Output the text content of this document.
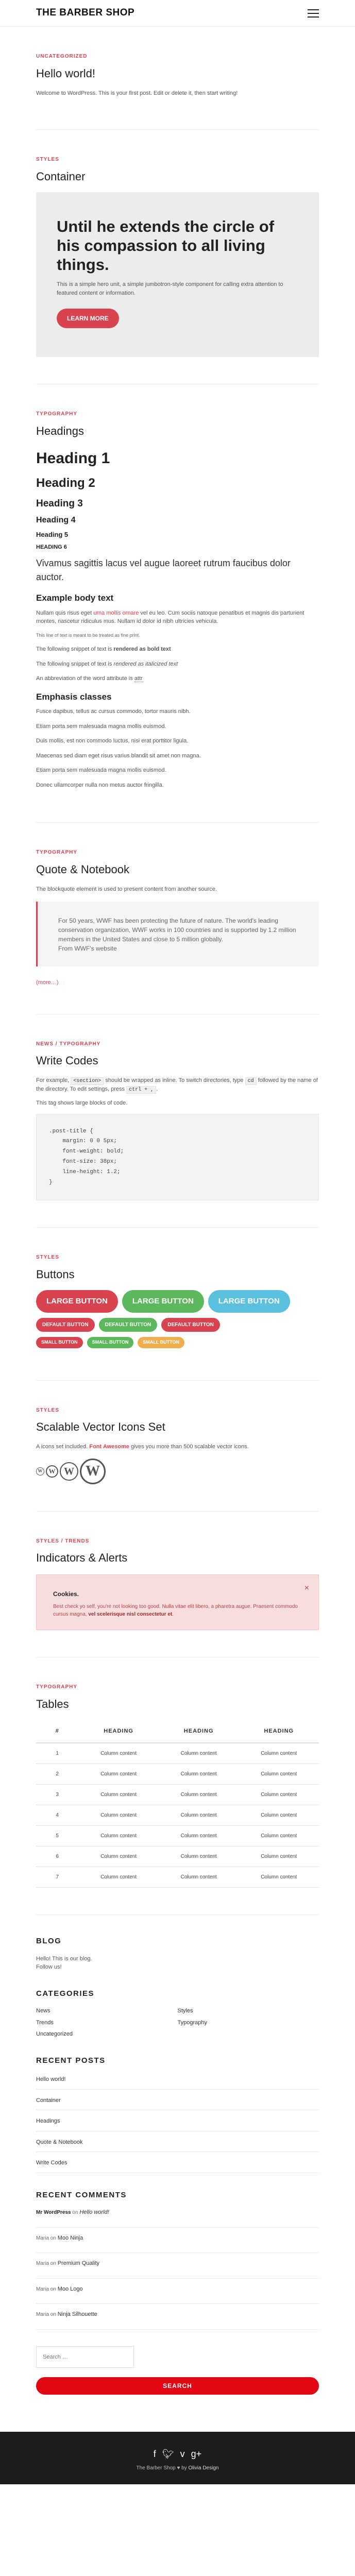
THE BARBER SHOP
UNCATEGORIZED
Hello world!

Welcome to WordPress. This is your first post. Edit or delete it, then start writing!

STYLES
Container
Until he extends the circle of his compassion to all living things.

This is a simple hero unit, a simple jumbotron-style component for calling extra attention to featured content or information.

LEARN MORE
TYPOGRAPHY
Headings
Heading 1
Heading 2
Heading 3
Heading 4
Heading 5
HEADING 6
Vivamus sagittis lacus vel augue laoreet rutrum faucibus dolor auctor.
Example body text

Nullam quis risus eget urna mollis ornare vel eu leo. Cum sociis natoque penatibus et magnis dis parturient montes, nascetur ridiculus mus. Nullam id dolor id nibh ultricies vehicula.

This line of text is meant to be treated as fine print.

The following snippet of text is rendered as bold text

The following snippet of text is rendered as italicized text

An abbreviation of the word attribute is attr

Emphasis classes

Fusce dapibus, tellus ac cursus commodo, tortor mauris nibh.

Etiam porta sem malesuada magna mollis euismod.

Duis mollis, est non commodo luctus, nisi erat porttitor ligula.

Maecenas sed diam eget risus varius blandit sit amet non magna.

Etiam porta sem malesuada magna mollis euismod.

Donec ullamcorper nulla non metus auctor fringilla.

TYPOGRAPHY
Quote & Notebook

The blockquote element is used to present content from another source.

For 50 years, WWF has been protecting the future of nature. The world's leading conservation organization, WWF works in 100 countries and is supported by 1.2 million members in the United States and close to 5 million globally.

From WWF's website

(more…)
NEWS / TYPOGRAPHY
Write Codes

For example, <section> should be wrapped as inline. To switch directories, type cd followed by the name of the directory. To edit settings, press ctrl + , .

This tag shows large blocks of code.

.post-title {
margin: 0 0 5px;
font-weight: bold;
font-size: 38px;
line-height: 1.2;
}
STYLES
Buttons
LARGE BUTTON	LARGE BUTTON	LARGE BUTTON
DEFAULT BUTTON	DEFAULT BUTTON	DEFAULT BUTTON
SMALL BUTTON	SMALL BUTTON	SMALL BUTTON
STYLES
Scalable Vector Icons Set

A icons set included. Font Awesome gives you more than 500 scalable vector icons.

W W W W
STYLES / TRENDS
Indicators & Alerts
×
Cookies.

Best check yo self, you're not looking too good. Nulla vitae elit libero, a pharetra augue. Praesent commodo cursus magna, vel scelerisque nisl consectetur et.

TYPOGRAPHY
Tables
#	HEADING	HEADING	HEADING
1	Column content	Column content	Column content
2	Column content	Column content	Column content
3	Column content	Column content	Column content
4	Column content	Column content	Column content
5	Column content	Column content	Column content
6	Column content	Column content	Column content
7	Column content	Column content	Column content
BLOG

Hello! This is our blog.

Follow us!

CATEGORIES
News	Styles
Trends	Typography
Uncategorized
RECENT POSTS
Hello world!
Container
Headings
Quote & Notebook
Write Codes
RECENT COMMENTS
Mr WordPress on Hello world!
Maria on Moo Ninja
Maria on Premium Quality
Maria on Moo Logo
Maria on Ninja Silhouette
Search … SEARCH
f 🐦︎ v g+
The Barber Shop ♥ by Olivia Design
